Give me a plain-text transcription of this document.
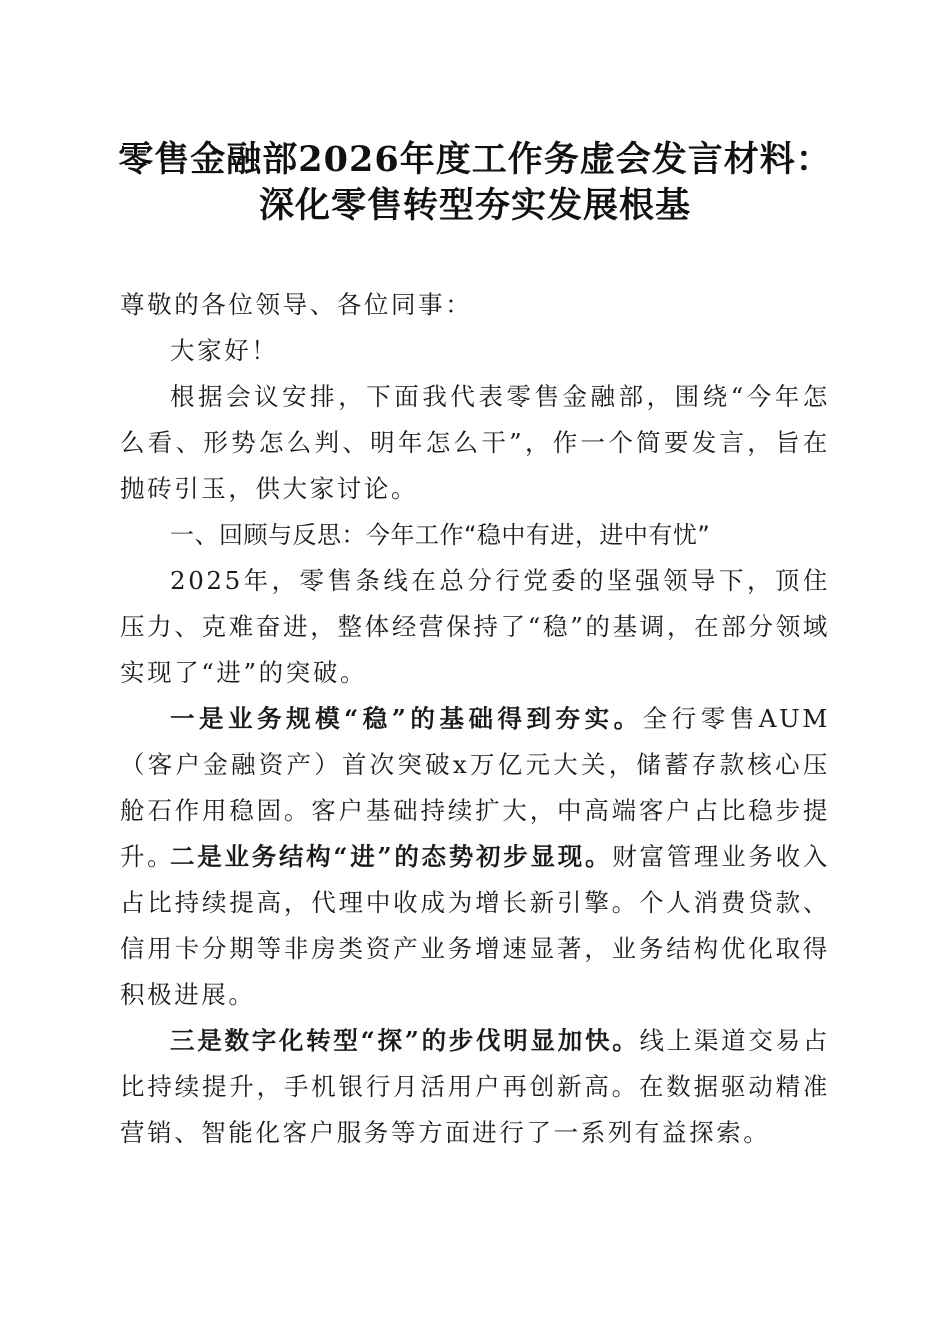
零售金融部2026年度工作务虚会发言材料：
深化零售转型夯实发展根基

尊敬的各位领导、各位同事：

大家好！

根据会议安排，下面我代表零售金融部，围绕“今年怎么看、形势怎么判、明年怎么干”，作一个简要发言，旨在抛砖引玉，供大家讨论。

一、回顾与反思：今年工作“稳中有进，进中有忧”

2025年，零售条线在总分行党委的坚强领导下，顶住压力、克难奋进，整体经营保持了“稳”的基调，在部分领域实现了“进”的突破。

一是业务规模“稳”的基础得到夯实。全行零售AUM（客户金融资产）首次突破x万亿元大关，储蓄存款核心压舱石作用稳固。客户基础持续扩大，中高端客户占比稳步提升。

二是业务结构“进”的态势初步显现。财富管理业务收入占比持续提高，代理中收成为增长新引擎。个人消费贷款、信用卡分期等非房类资产业务增速显著，业务结构优化取得积极进展。

三是数字化转型“探”的步伐明显加快。线上渠道交易占比持续提升，手机银行月活用户再创新高。在数据驱动精准营销、智能化客户服务等方面进行了一系列有益探索。
